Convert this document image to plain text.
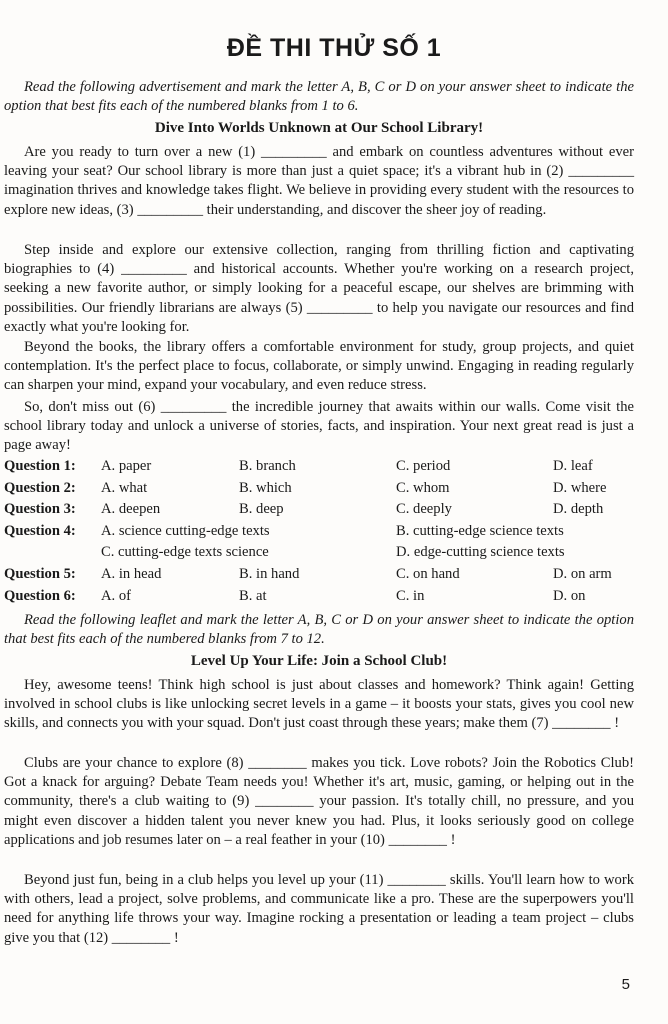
ĐỀ THI THỬ SỐ 1
Read the following advertisement and mark the letter A, B, C or D on your answer sheet to indicate the option that best fits each of the numbered blanks from 1 to 6.
Dive Into Worlds Unknown at Our School Library!
Are you ready to turn over a new (1) _________ and embark on countless adventures without ever leaving your seat? Our school library is more than just a quiet space; it's a vibrant hub in (2) _________ imagination thrives and knowledge takes flight. We believe in providing every student with the resources to explore new ideas, (3) _________ their understanding, and discover the sheer joy of reading.
Step inside and explore our extensive collection, ranging from thrilling fiction and captivating biographies to (4) _________ and historical accounts. Whether you're working on a research project, seeking a new favorite author, or simply looking for a peaceful escape, our shelves are brimming with possibilities. Our friendly librarians are always (5) _________ to help you navigate our resources and find exactly what you're looking for.
Beyond the books, the library offers a comfortable environment for study, group projects, and quiet contemplation. It's the perfect place to focus, collaborate, or simply unwind. Engaging in reading regularly can sharpen your mind, expand your vocabulary, and even reduce stress.
So, don't miss out (6) _________ the incredible journey that awaits within our walls. Come visit the school library today and unlock a universe of stories, facts, and inspiration. Your next great read is just a page away!
Question 1: A. paper	B. branch	C. period	D. leaf
Question 2: A. what	B. which	C. whom	D. where
Question 3: A. deepen	B. deep	C. deeply	D. depth
Question 4: A. science cutting-edge texts	B. cutting-edge science texts
C. cutting-edge texts science	D. edge-cutting science texts
Question 5: A. in head	B. in hand	C. on hand	D. on arm
Question 6: A. of	B. at	C. in	D. on
Read the following leaflet and mark the letter A, B, C or D on your answer sheet to indicate the option that best fits each of the numbered blanks from 7 to 12.
Level Up Your Life: Join a School Club!
Hey, awesome teens! Think high school is just about classes and homework? Think again! Getting involved in school clubs is like unlocking secret levels in a game – it boosts your stats, gives you cool new skills, and connects you with your squad. Don't just coast through these years; make them (7) ________ !
Clubs are your chance to explore (8) ________ makes you tick. Love robots? Join the Robotics Club! Got a knack for arguing? Debate Team needs you! Whether it's art, music, gaming, or helping out in the community, there's a club waiting to (9) ________ your passion. It's totally chill, no pressure, and you might even discover a hidden talent you never knew you had. Plus, it looks seriously good on college applications and job resumes later on – a real feather in your (10) ________ !
Beyond just fun, being in a club helps you level up your (11) ________ skills. You'll learn how to work with others, lead a project, solve problems, and communicate like a pro. These are the superpowers you'll need for anything life throws your way. Imagine rocking a presentation or leading a team project – clubs give you that (12) ________ !
5
